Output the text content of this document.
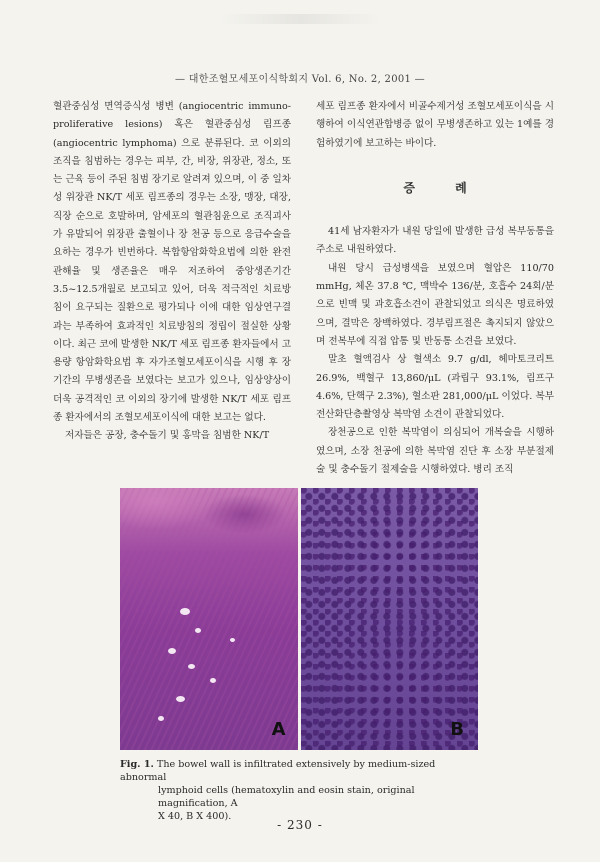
— 대한조혈모세포이식학회지 Vol. 6, No. 2, 2001 —

혈관중심성 면역증식성 병변 (angiocentric immuno-proliferative lesions) 혹은 혈관중심성 림프종 (angiocentric lymphoma) 으로 분류된다. 코 이외의 조직을 침범하는 경우는 피부, 간, 비장, 위장관, 정소, 또는 근육 등이 주된 침범 장기로 알려져 있으며, 이 중 일차성 위장관 NK/T 세포 림프종의 경우는 소장, 맹장, 대장, 직장 순으로 호발하며, 암세포의 혈관침윤으로 조직괴사가 유발되어 위장관 출혈이나 장 천공 등으로 응급수술을 요하는 경우가 빈번하다. 복합항암화학요법에 의한 완전관해율 및 생존율은 매우 저조하여 중앙생존기간 3.5~12.5개월로 보고되고 있어, 더욱 적극적인 치료방침이 요구되는 질환으로 평가되나 이에 대한 임상연구결과는 부족하여 효과적인 치료방침의 정립이 절실한 상황이다. 최근 코에 발생한 NK/T 세포 림프종 환자들에서 고용량 항암화학요법 후 자가조혈모세포이식을 시행 후 장기간의 무병생존을 보였다는 보고가 있으나, 임상양상이 더욱 공격적인 코 이외의 장기에 발생한 NK/T 세포 림프종 환자에서의 조혈모세포이식에 대한 보고는 없다.

저자들은 공장, 충수돌기 및 홍막을 침범한 NK/T

세포 림프종 환자에서 비골수제거성 조혈모세포이식을 시행하여 이식연관합병증 없이 무병생존하고 있는 1예를 경험하였기에 보고하는 바이다.

증 례

41세 남자환자가 내원 당일에 발생한 급성 복부동통을 주소로 내원하였다.

내원 당시 급성병색을 보였으며 혈압은 110/70 mmHg, 체온 37.8 ℃, 맥박수 136/분, 호흡수 24회/분으로 빈맥 및 과호흡소견이 관찰되었고 의식은 명료하였으며, 결막은 창백하였다. 경부림프절은 촉지되지 않았으며 전복부에 직접 압통 및 반동통 소견을 보였다.

말초 혈액검사 상 혈색소 9.7 g/dl, 헤마토크리트 26.9%, 백혈구 13,860/μL (과립구 93.1%, 림프구 4.6%, 단핵구 2.3%), 혈소판 281,000/μL 이었다. 복부전산화단층촬영상 복막염 소견이 관찰되었다.

장천공으로 인한 복막염이 의심되어 개복술을 시행하였으며, 소장 천공에 의한 복막염 진단 후 소장 부분절제술 및 충수돌기 절제술을 시행하였다. 병리 조직

A	B
Fig. 1. The bowel wall is infiltrated extensively by medium-sized abnormal
lymphoid cells (hematoxylin and eosin stain, original magnification, A
X 40, B X 400).
- 230 -
